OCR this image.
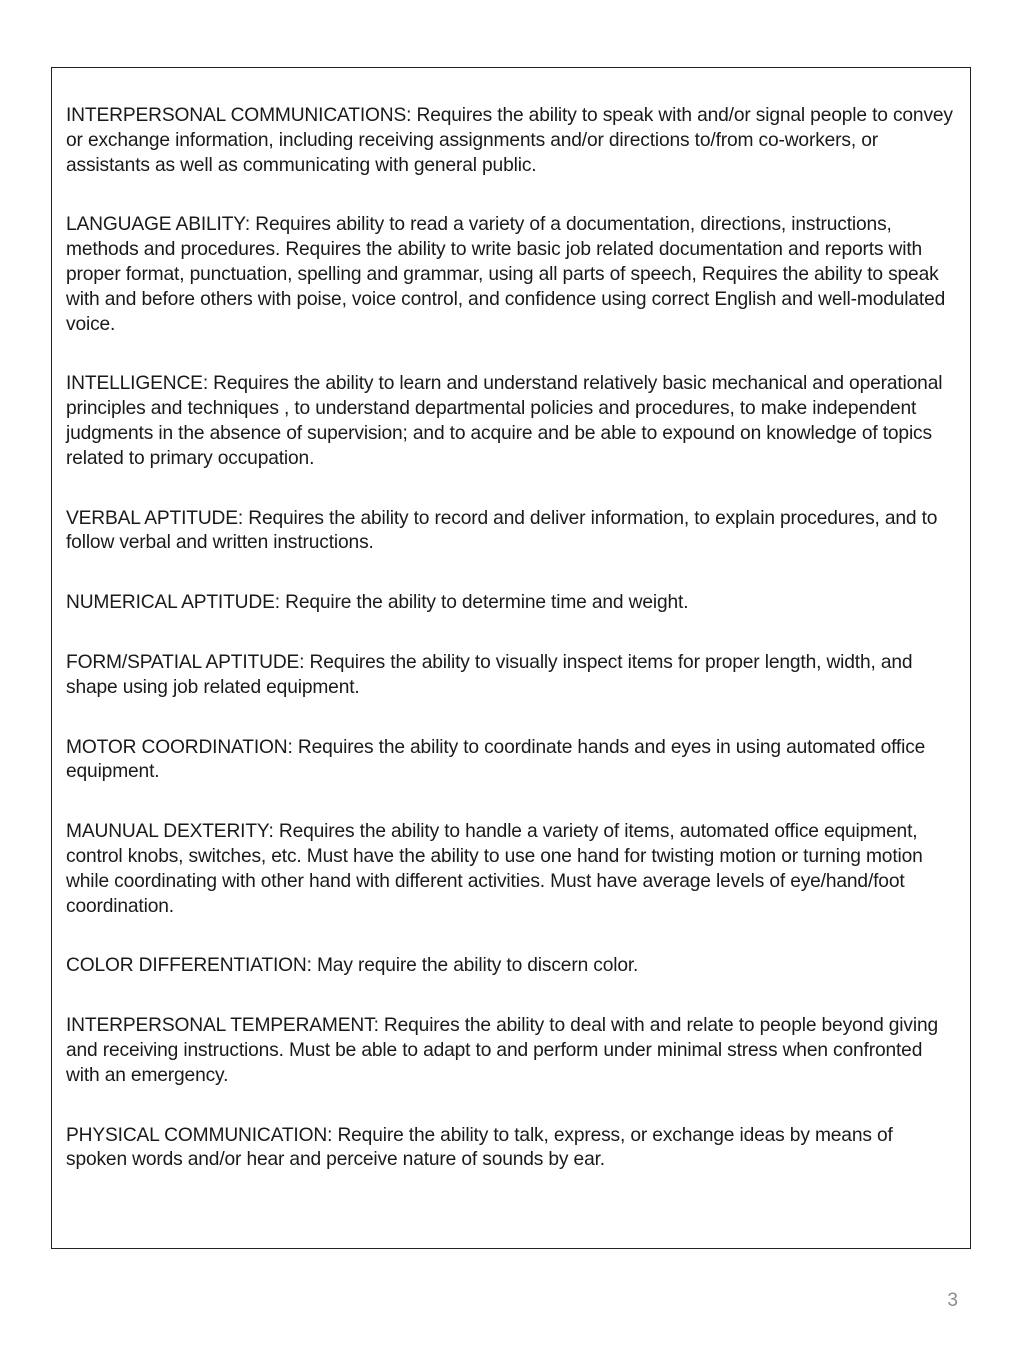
INTERPERSONAL COMMUNICATIONS: Requires the ability to speak with and/or signal people to convey or exchange information, including receiving assignments and/or directions to/from co-workers, or assistants as well as communicating with general public.

LANGUAGE ABILITY: Requires ability to read a variety of a documentation, directions, instructions, methods and procedures. Requires the ability to write basic job related documentation and reports with proper format, punctuation, spelling and grammar, using all parts of speech, Requires the ability to speak with and before others with poise, voice control, and confidence using correct English and well-modulated voice.

INTELLIGENCE: Requires the ability to learn and understand relatively basic mechanical and operational principles and techniques , to understand departmental policies and procedures, to make independent judgments in the absence of supervision; and to acquire and be able to expound on knowledge of topics related to primary occupation.

VERBAL APTITUDE: Requires the ability to record and deliver information, to explain procedures, and to follow verbal and written instructions.

NUMERICAL APTITUDE: Require the ability to determine time and weight.

FORM/SPATIAL APTITUDE: Requires the ability to visually inspect items for proper length, width, and shape using job related equipment.

MOTOR COORDINATION: Requires the ability to coordinate hands and eyes in using automated office equipment.

MAUNUAL DEXTERITY: Requires the ability to handle a variety of items, automated office equipment, control knobs, switches, etc. Must have the ability to use one hand for twisting motion or turning motion while coordinating with other hand with different activities. Must have average levels of eye/hand/foot coordination.

COLOR DIFFERENTIATION: May require the ability to discern color.

INTERPERSONAL TEMPERAMENT: Requires the ability to deal with and relate to people beyond giving and receiving instructions. Must be able to adapt to and perform under minimal stress when confronted with an emergency.

PHYSICAL COMMUNICATION: Require the ability to talk, express, or exchange ideas by means of spoken words and/or hear and perceive nature of sounds by ear.

3
